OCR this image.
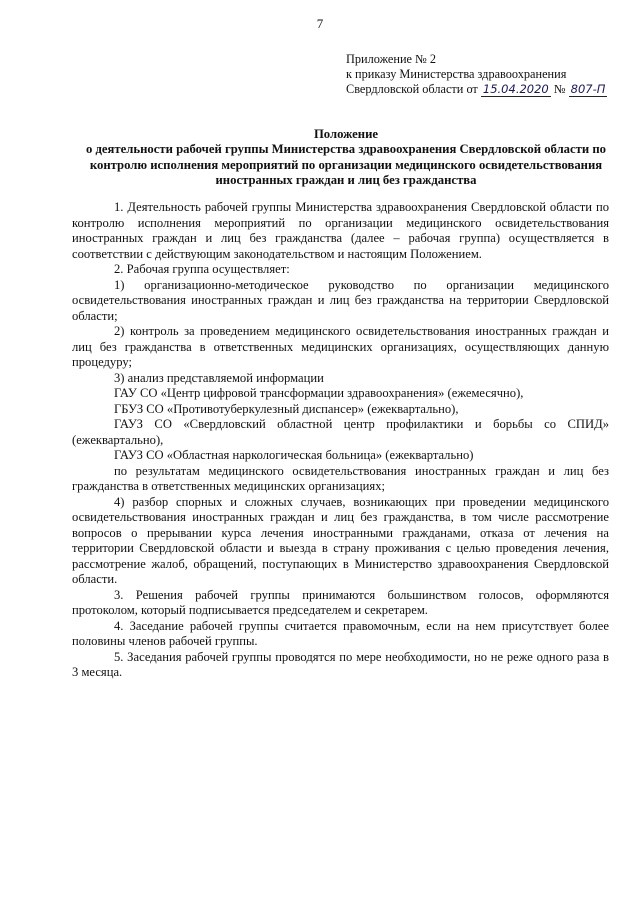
7
Приложение № 2
к приказу Министерства здравоохранения
Свердловской области от 15.04.2020 № 807-П
Положение
о деятельности рабочей группы Министерства здравоохранения Свердловской области по контролю исполнения мероприятий по организации медицинского освидетельствования иностранных граждан и лиц без гражданства

1. Деятельность рабочей группы Министерства здравоохранения Свердловской области по контролю исполнения мероприятий по организации медицинского освидетельствования иностранных граждан и лиц без гражданства (далее – рабочая группа) осуществляется в соответствии с действующим законодательством и настоящим Положением.

2. Рабочая группа осуществляет:

1) организационно-методическое руководство по организации медицинского освидетельствования иностранных граждан и лиц без гражданства на территории Свердловской области;

2) контроль за проведением медицинского освидетельствования иностранных граждан и лиц без гражданства в ответственных медицинских организациях, осуществляющих данную процедуру;

3) анализ представляемой информации

ГАУ СО «Центр цифровой трансформации здравоохранения» (ежемесячно),

ГБУЗ СО «Противотуберкулезный диспансер» (ежеквартально),

ГАУЗ СО «Свердловский областной центр профилактики и борьбы со СПИД» (ежеквартально),

ГАУЗ СО «Областная наркологическая больница» (ежеквартально)

по результатам медицинского освидетельствования иностранных граждан и лиц без гражданства в ответственных медицинских организациях;

4) разбор спорных и сложных случаев, возникающих при проведении медицинского освидетельствования иностранных граждан и лиц без гражданства, в том числе рассмотрение вопросов о прерывании курса лечения иностранными гражданами, отказа от лечения на территории Свердловской области и выезда в страну проживания с целью проведения лечения, рассмотрение жалоб, обращений, поступающих в Министерство здравоохранения Свердловской области.

3. Решения рабочей группы принимаются большинством голосов, оформляются протоколом, который подписывается председателем и секретарем.

4. Заседание рабочей группы считается правомочным, если на нем присутствует более половины членов рабочей группы.

5. Заседания рабочей группы проводятся по мере необходимости, но не реже одного раза в 3 месяца.
